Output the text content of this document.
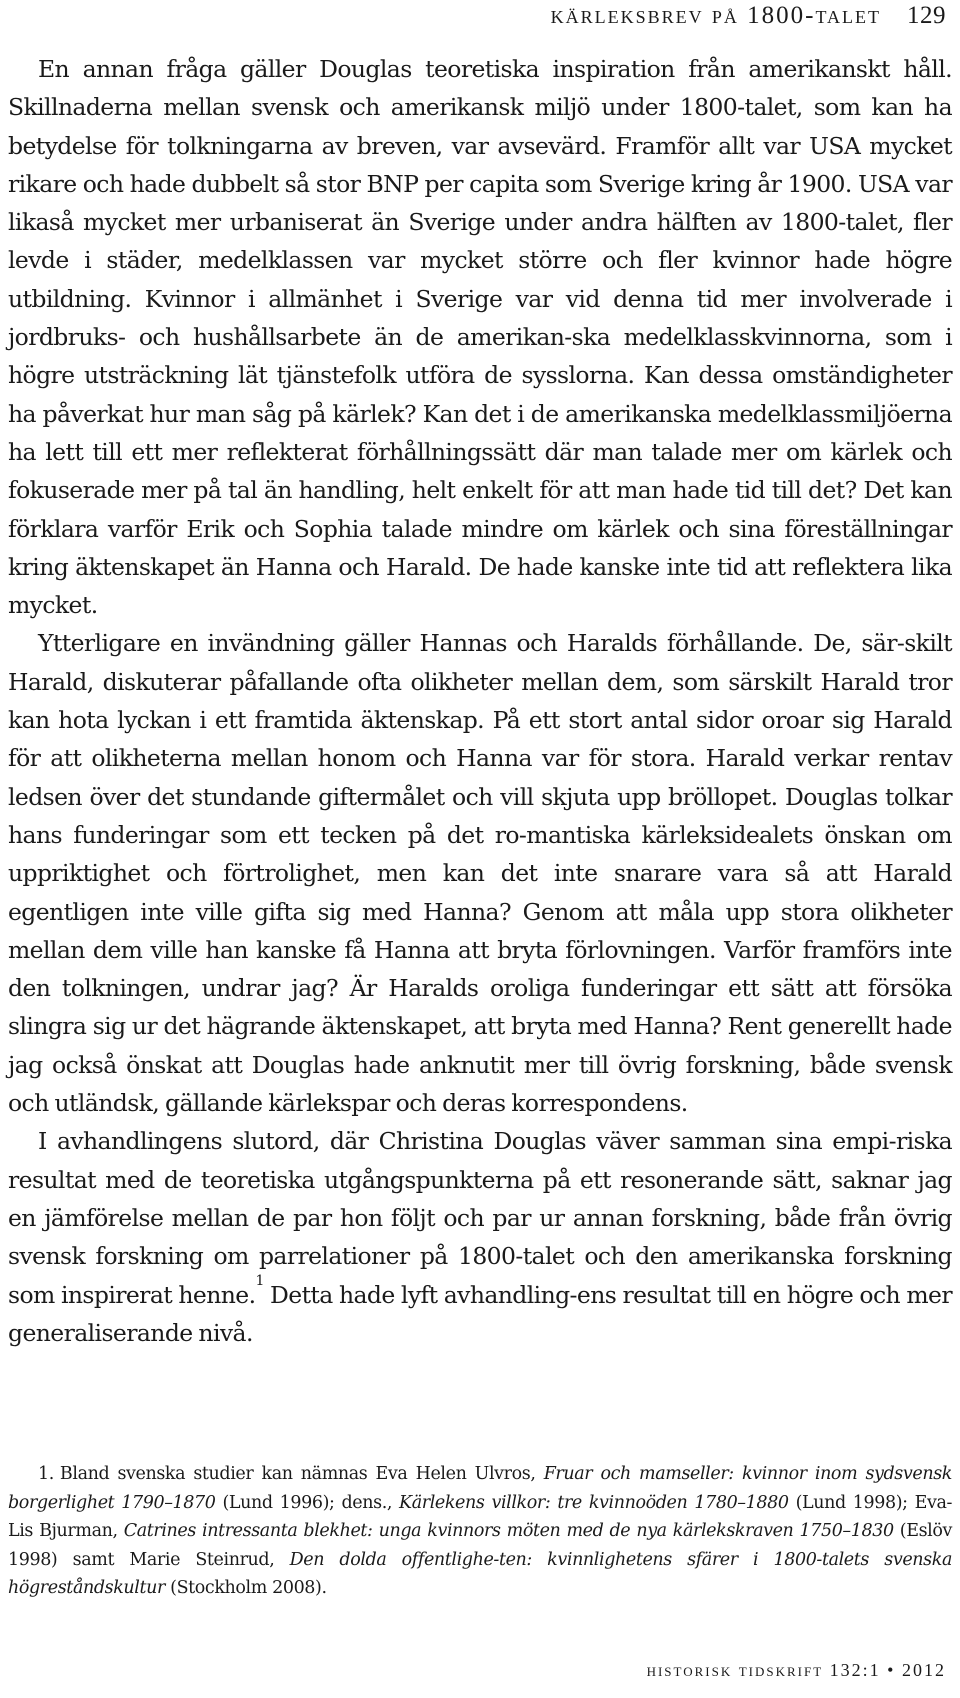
kärleksbrev på 1800-talet 129

En annan fråga gäller Douglas teoretiska inspiration från amerikanskt håll. Skillnaderna mellan svensk och amerikansk miljö under 1800-talet, som kan ha betydelse för tolkningarna av breven, var avsevärd. Framför allt var USA mycket rikare och hade dubbelt så stor BNP per capita som Sverige kring år 1900. USA var likaså mycket mer urbaniserat än Sverige under andra hälften av 1800-talet, fler levde i städer, medelklassen var mycket större och fler kvinnor hade högre utbildning. Kvinnor i allmänhet i Sverige var vid denna tid mer involverade i jordbruks- och hushållsarbete än de amerikan-ska medelklasskvinnorna, som i högre utsträckning lät tjänstefolk utföra de sysslorna. Kan dessa omständigheter ha påverkat hur man såg på kärlek? Kan det i de amerikanska medelklassmiljöerna ha lett till ett mer reflekterat förhållningssätt där man talade mer om kärlek och fokuserade mer på tal än handling, helt enkelt för att man hade tid till det? Det kan förklara varför Erik och Sophia talade mindre om kärlek och sina föreställningar kring äktenskapet än Hanna och Harald. De hade kanske inte tid att reflektera lika mycket.

Ytterligare en invändning gäller Hannas och Haralds förhållande. De, sär-skilt Harald, diskuterar påfallande ofta olikheter mellan dem, som särskilt Harald tror kan hota lyckan i ett framtida äktenskap. På ett stort antal sidor oroar sig Harald för att olikheterna mellan honom och Hanna var för stora. Harald verkar rentav ledsen över det stundande giftermålet och vill skjuta upp bröllopet. Douglas tolkar hans funderingar som ett tecken på det ro-mantiska kärleksidealets önskan om uppriktighet och förtrolighet, men kan det inte snarare vara så att Harald egentligen inte ville gifta sig med Hanna? Genom att måla upp stora olikheter mellan dem ville han kanske få Hanna att bryta förlovningen. Varför framförs inte den tolkningen, undrar jag? Är Haralds oroliga funderingar ett sätt att försöka slingra sig ur det hägrande äktenskapet, att bryta med Hanna? Rent generellt hade jag också önskat att Douglas hade anknutit mer till övrig forskning, både svensk och utländsk, gällande kärlekspar och deras korrespondens.

I avhandlingens slutord, där Christina Douglas väver samman sina empi-riska resultat med de teoretiska utgångspunkterna på ett resonerande sätt, saknar jag en jämförelse mellan de par hon följt och par ur annan forskning, både från övrig svensk forskning om parrelationer på 1800-talet och den amerikanska forskning som inspirerat henne.$^1$ Detta hade lyft avhandling-ens resultat till en högre och mer generaliserande nivå.

1. Bland svenska studier kan nämnas Eva Helen Ulvros, Fruar och mamseller: kvinnor inom sydsvensk borgerlighet 1790–1870 (Lund 1996); dens., Kärlekens villkor: tre kvinnoöden 1780–1880 (Lund 1998); Eva-Lis Bjurman, Catrines intressanta blekhet: unga kvinnors möten med de nya kärlekskraven 1750–1830 (Eslöv 1998) samt Marie Steinrud, Den dolda offentlighe-ten: kvinnlighetens sfärer i 1800-talets svenska högreståndskultur (Stockholm 2008).
historisk tidskrift 132:1 • 2012
